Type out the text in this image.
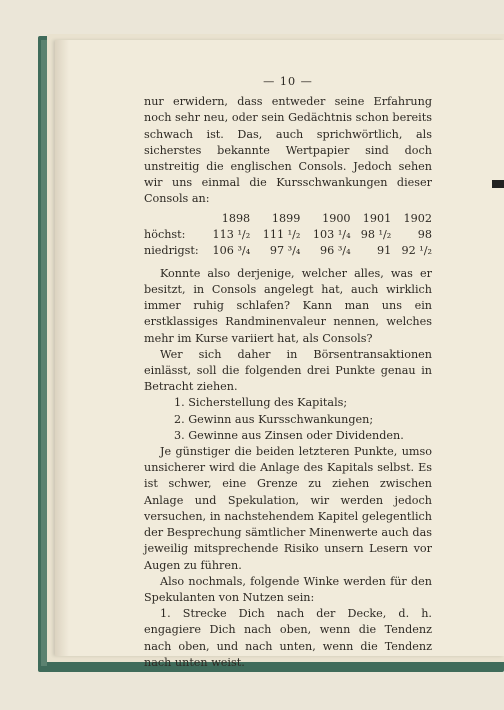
— 10 —

nur erwidern, dass entweder seine Erfahrung noch sehr neu, oder sein Gedächtnis schon bereits schwach ist. Das, auch sprichwörtlich, als sicherstes bekannte Wertpapier sind doch unstreitig die englischen Consols. Jedoch sehen wir uns einmal die Kursschwankungen dieser Consols an:

	1898	1899	1900	1901	1902
höchst:	113 ¹/₂	111 ¹/₂	103 ¹/₄	98 ¹/₂	98
niedrigst:	106 ³/₄	97 ³/₄	96 ³/₄	91	92 ¹/₂

Konnte also derjenige, welcher alles, was er besitzt, in Consols angelegt hat, auch wirklich immer ruhig schlafen? Kann man uns ein erstklassiges Randminenvaleur nennen, welches mehr im Kurse variiert hat, als Consols?

Wer sich daher in Börsentransaktionen einlässt, soll die folgenden drei Punkte genau in Betracht ziehen.

1. Sicherstellung des Kapitals;

2. Gewinn aus Kursschwankungen;

3. Gewinne aus Zinsen oder Dividenden.

Je günstiger die beiden letzteren Punkte, umso unsicherer wird die Anlage des Kapitals selbst. Es ist schwer, eine Grenze zu ziehen zwischen Anlage und Spekulation, wir werden jedoch versuchen, in nachstehendem Kapitel gelegentlich der Besprechung sämtlicher Minenwerte auch das jeweilig mitsprechende Risiko unsern Lesern vor Augen zu führen.

Also nochmals, folgende Winke werden für den Spekulanten von Nutzen sein:

1. Strecke Dich nach der Decke, d. h. engagiere Dich nach oben, wenn die Tendenz nach oben, und nach unten, wenn die Tendenz nach unten weist.
